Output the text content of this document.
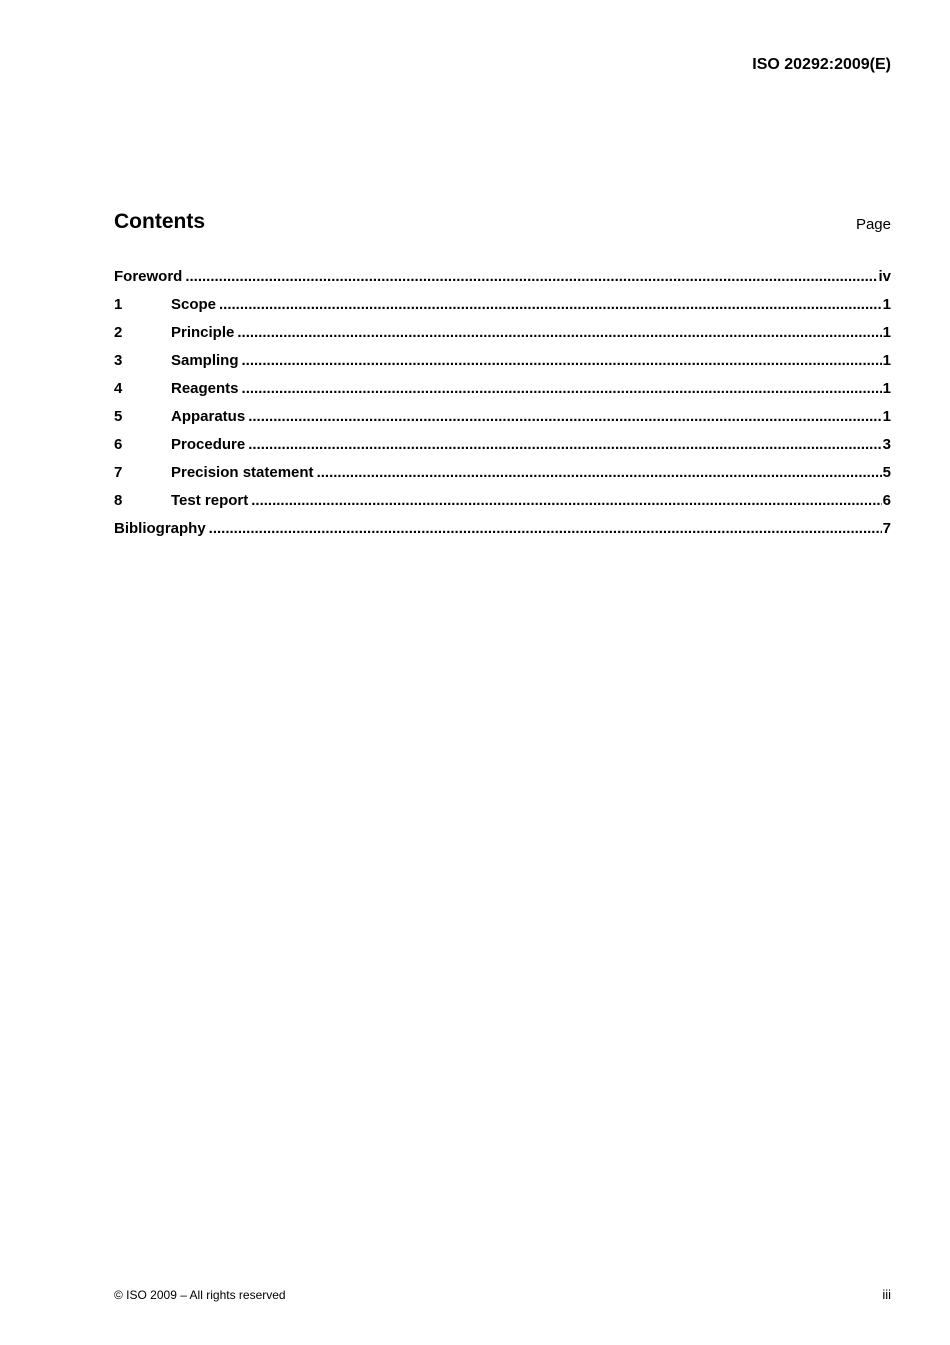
ISO 20292:2009(E)
Contents	Page
Foreword .....	iv
1	Scope .....	1
2	Principle .....	1
3	Sampling .....	1
4	Reagents .....	1
5	Apparatus .....	1
6	Procedure .....	3
7	Precision statement .....	5
8	Test report .....	6
Bibliography .....	7
© ISO 2009 – All rights reserved	iii
